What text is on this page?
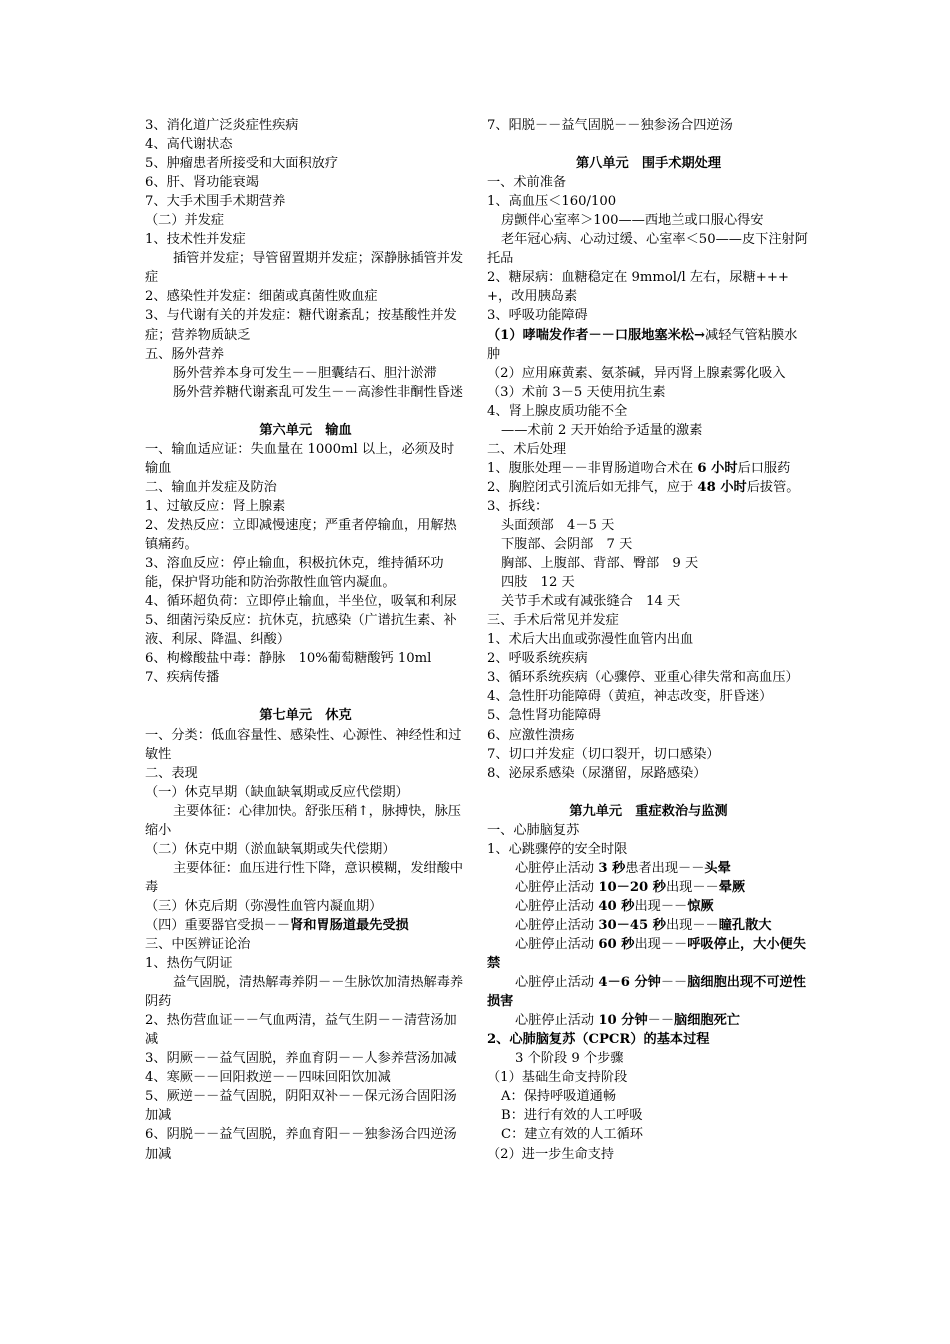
3、消化道广泛炎症性疾病

4、高代谢状态

5、肿瘤患者所接受和大面积放疗

6、肝、肾功能衰竭

7、大手术围手术期营养

（二）并发症

1、技术性并发症

插管并发症；导管留置期并发症；深静脉插管并发症

2、感染性并发症：细菌或真菌性败血症

3、与代谢有关的并发症：糖代谢紊乱；按基酸性并发症；营养物质缺乏

五、肠外营养

肠外营养本身可发生－－胆囊结石、胆汁淤滞

肠外营养糖代谢紊乱可发生－－高渗性非酮性昏迷

第六单元　输血

一、输血适应证：失血量在 1000ml 以上，必须及时输血

二、输血并发症及防治

1、过敏反应：肾上腺素

2、发热反应：立即减慢速度；严重者停输血，用解热镇痛药。

3、溶血反应：停止输血，积极抗休克，维持循环功能，保护肾功能和防治弥散性血管内凝血。

4、循环超负荷：立即停止输血，半坐位，吸氧和利尿

5、细菌污染反应：抗休克，抗感染（广谱抗生素、补液、利尿、降温、纠酸）

6、枸橼酸盐中毒：静脉　10%葡萄糖酸钙 10ml

7、疾病传播

第七单元　休克

一、分类：低血容量性、感染性、心源性、神经性和过敏性

二、表现

（一）休克早期（缺血缺氧期或反应代偿期）

主要体征：心律加快。舒张压稍↑，脉搏快，脉压缩小

（二）休克中期（淤血缺氧期或失代偿期）

主要体征：血压进行性下降，意识模糊，发绀酸中毒

（三）休克后期（弥漫性血管内凝血期）

（四）重要器官受损－－肾和胃肠道最先受损

三、中医辨证论治

1、热伤气阴证

益气固脱，清热解毒养阴－－生脉饮加清热解毒养阴药

2、热伤营血证－－气血两清，益气生阴－－清营汤加减

3、阴厥－－益气固脱，养血育阴－－人参养营汤加减

4、寒厥－－回阳救逆－－四味回阳饮加减

5、厥逆－－益气固脱，阴阳双补－－保元汤合固阳汤加减

6、阴脱－－益气固脱，养血育阳－－独参汤合四逆汤加减

7、阳脱－－益气固脱－－独参汤合四逆汤

第八单元　围手术期处理

一、术前准备

1、高血压＜160/100

房颤伴心室率＞100——西地兰或口服心得安

老年冠心病、心动过缓、心室率＜50——皮下注射阿托品

2、糖尿病：血糖稳定在 9mmol/l 左右，尿糖++++，改用胰岛素

3、呼吸功能障碍

（1）哮喘发作者－－口服地塞米松→减轻气管粘膜水肿

（2）应用麻黄素、氨茶碱，异丙肾上腺素雾化吸入

（3）术前 3－5 天使用抗生素

4、肾上腺皮质功能不全

——术前 2 天开始给予适量的激素

二、术后处理

1、腹胀处理－－非胃肠道吻合术在 6 小时后口服药

2、胸腔闭式引流后如无排气，应于 48 小时后拔管。

3、拆线：

头面颈部　4－5 天

下腹部、会阴部　7 天

胸部、上腹部、背部、臀部　9 天

四肢　12 天

关节手术或有减张缝合　14 天

三、手术后常见并发症

1、术后大出血或弥漫性血管内出血

2、呼吸系统疾病

3、循环系统疾病（心骤停、亚重心律失常和高血压）

4、急性肝功能障碍（黄疸，神志改变，肝昏迷）

5、急性肾功能障碍

6、应激性溃疡

7、切口并发症（切口裂开，切口感染）

8、泌尿系感染（尿潴留，尿路感染）

第九单元　重症救治与监测

一、心肺脑复苏

1、心跳骤停的安全时限

心脏停止活动 3 秒患者出现－－头晕

心脏停止活动 10－20 秒出现－－晕厥

心脏停止活动 40 秒出现－－惊厥

心脏停止活动 30－45 秒出现－－瞳孔散大

心脏停止活动 60 秒出现－－呼吸停止，大小便失禁

心脏停止活动 4－6 分钟－－脑细胞出现不可逆性损害

心脏停止活动 10 分钟－－脑细胞死亡

2、心肺脑复苏（CPCR）的基本过程

3 个阶段 9 个步骤

（1）基础生命支持阶段

A：保持呼吸道通畅

B：进行有效的人工呼吸

C：建立有效的人工循环

（2）进一步生命支持
